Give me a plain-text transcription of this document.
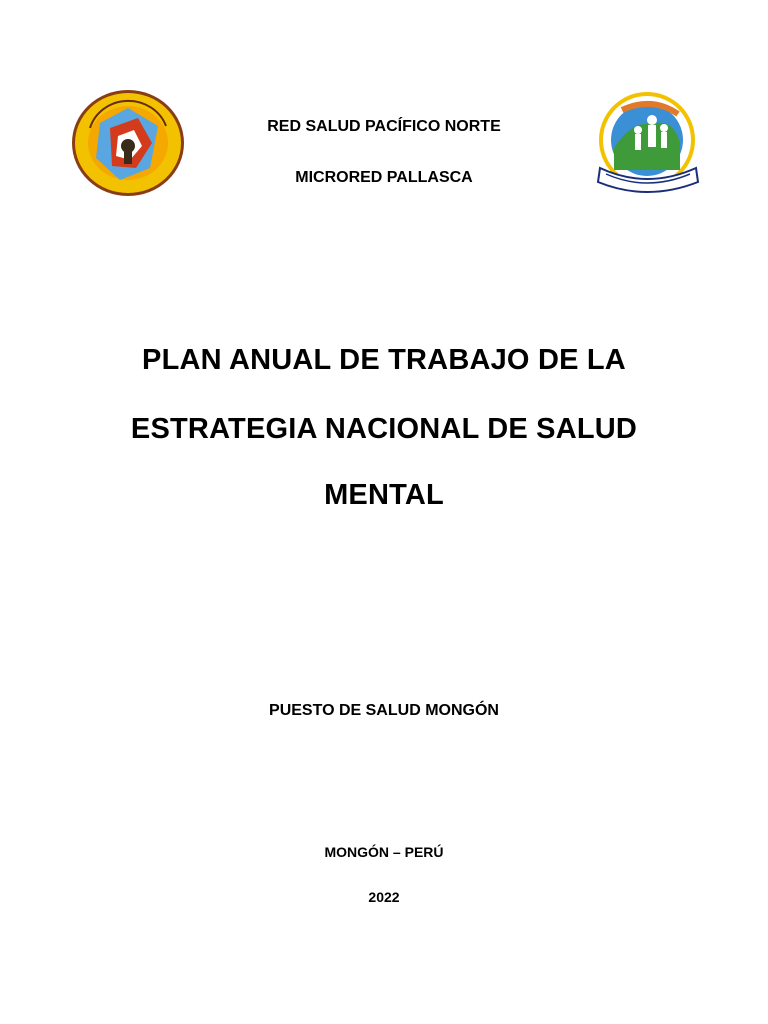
RED SALUD PACÍFICO NORTE
MICRORED PALLASCA
PLAN ANUAL DE TRABAJO DE LA
ESTRATEGIA NACIONAL DE SALUD
MENTAL
PUESTO DE SALUD MONGÓN
MONGÓN – PERÚ
2022
